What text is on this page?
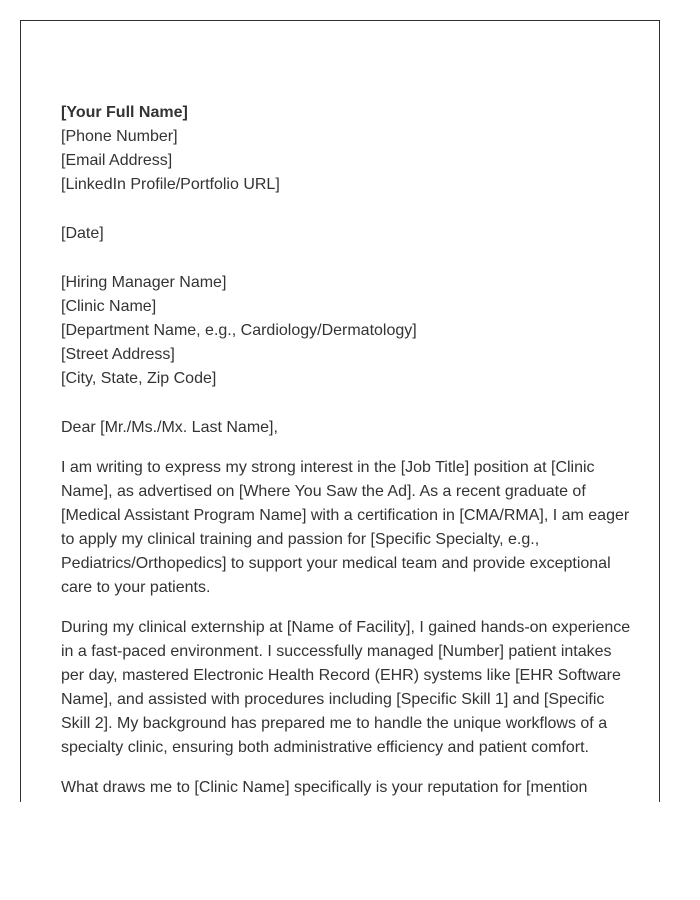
[Your Full Name]
[Phone Number]
[Email Address]
[LinkedIn Profile/Portfolio URL]
[Date]
[Hiring Manager Name]
[Clinic Name]
[Department Name, e.g., Cardiology/Dermatology]
[Street Address]
[City, State, Zip Code]
Dear [Mr./Ms./Mx. Last Name],

I am writing to express my strong interest in the [Job Title] position at [Clinic Name], as advertised on [Where You Saw the Ad]. As a recent graduate of [Medical Assistant Program Name] with a certification in [CMA/RMA], I am eager to apply my clinical training and passion for [Specific Specialty, e.g., Pediatrics/Orthopedics] to support your medical team and provide exceptional care to your patients.

During my clinical externship at [Name of Facility], I gained hands-on experience in a fast-paced environment. I successfully managed [Number] patient intakes per day, mastered Electronic Health Record (EHR) systems like [EHR Software Name], and assisted with procedures including [Specific Skill 1] and [Specific Skill 2]. My background has prepared me to handle the unique workflows of a specialty clinic, ensuring both administrative efficiency and patient comfort.

What draws me to [Clinic Name] specifically is your reputation for [mention
